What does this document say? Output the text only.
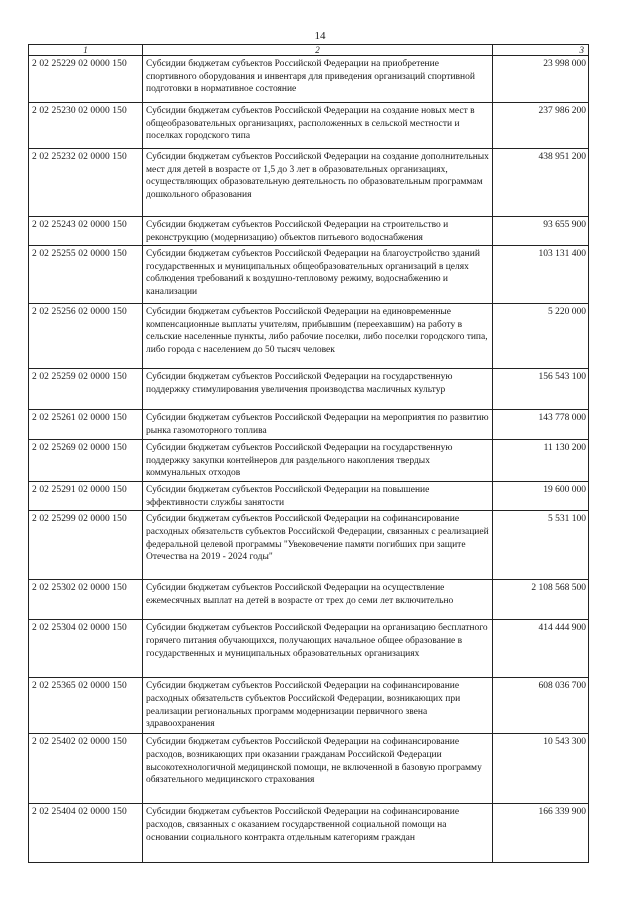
14
1	2	3
2 02 25229 02 0000 150	Субсидии бюджетам субъектов Российской Федерации на приобретение спортивного оборудования и инвентаря для приведения организаций спортивной подготовки в нормативное состояние	23 998 000
2 02 25230 02 0000 150	Субсидии бюджетам субъектов Российской Федерации на создание новых мест в общеобразовательных организациях, расположенных в сельской местности и поселках городского типа	237 986 200
2 02 25232 02 0000 150	Субсидии бюджетам субъектов Российской Федерации на создание дополнительных мест для детей в возрасте от 1,5 до 3 лет в образовательных организациях, осуществляющих образовательную деятельность по образовательным программам дошкольного образования	438 951 200
2 02 25243 02 0000 150	Субсидии бюджетам субъектов Российской Федерации на строительство и реконструкцию (модернизацию) объектов питьевого водоснабжения	93 655 900
2 02 25255 02 0000 150	Субсидии бюджетам субъектов Российской Федерации на благоустройство зданий государственных и муниципальных общеобразовательных организаций в целях соблюдения требований к воздушно-тепловому режиму, водоснабжению и канализации	103 131 400
2 02 25256 02 0000 150	Субсидии бюджетам субъектов Российской Федерации на единовременные компенсационные выплаты учителям, прибывшим (переехавшим) на работу в сельские населенные пункты, либо рабочие поселки, либо поселки городского типа, либо города с населением до 50 тысяч человек	5 220 000
2 02 25259 02 0000 150	Субсидии бюджетам субъектов Российской Федерации на государственную поддержку стимулирования увеличения производства масличных культур	156 543 100
2 02 25261 02 0000 150	Субсидии бюджетам субъектов Российской Федерации на мероприятия по развитию рынка газомоторного топлива	143 778 000
2 02 25269 02 0000 150	Субсидии бюджетам субъектов Российской Федерации на государственную поддержку закупки контейнеров для раздельного накопления твердых коммунальных отходов	11 130 200
2 02 25291 02 0000 150	Субсидии бюджетам субъектов Российской Федерации на повышение эффективности службы занятости	19 600 000
2 02 25299 02 0000 150	Субсидии бюджетам субъектов Российской Федерации на софинансирование расходных обязательств субъектов Российской Федерации, связанных с реализацией федеральной целевой программы "Увековечение памяти погибших при защите Отечества на 2019 - 2024 годы"	5 531 100
2 02 25302 02 0000 150	Субсидии бюджетам субъектов Российской Федерации на осуществление ежемесячных выплат на детей в возрасте от трех до семи лет включительно	2 108 568 500
2 02 25304 02 0000 150	Субсидии бюджетам субъектов Российской Федерации на организацию бесплатного горячего питания обучающихся, получающих начальное общее образование в государственных и муниципальных образовательных организациях	414 444 900
2 02 25365 02 0000 150	Субсидии бюджетам субъектов Российской Федерации на софинансирование расходных обязательств субъектов Российской Федерации, возникающих при реализации региональных программ модернизации первичного звена здравоохранения	608 036 700
2 02 25402 02 0000 150	Субсидии бюджетам субъектов Российской Федерации на софинансирование расходов, возникающих при оказании гражданам Российской Федерации высокотехнологичной медицинской помощи, не включенной в базовую программу обязательного медицинского страхования	10 543 300
2 02 25404 02 0000 150	Субсидии бюджетам субъектов Российской Федерации на софинансирование расходов, связанных с оказанием государственной социальной помощи на основании социального контракта отдельным категориям граждан	166 339 900
